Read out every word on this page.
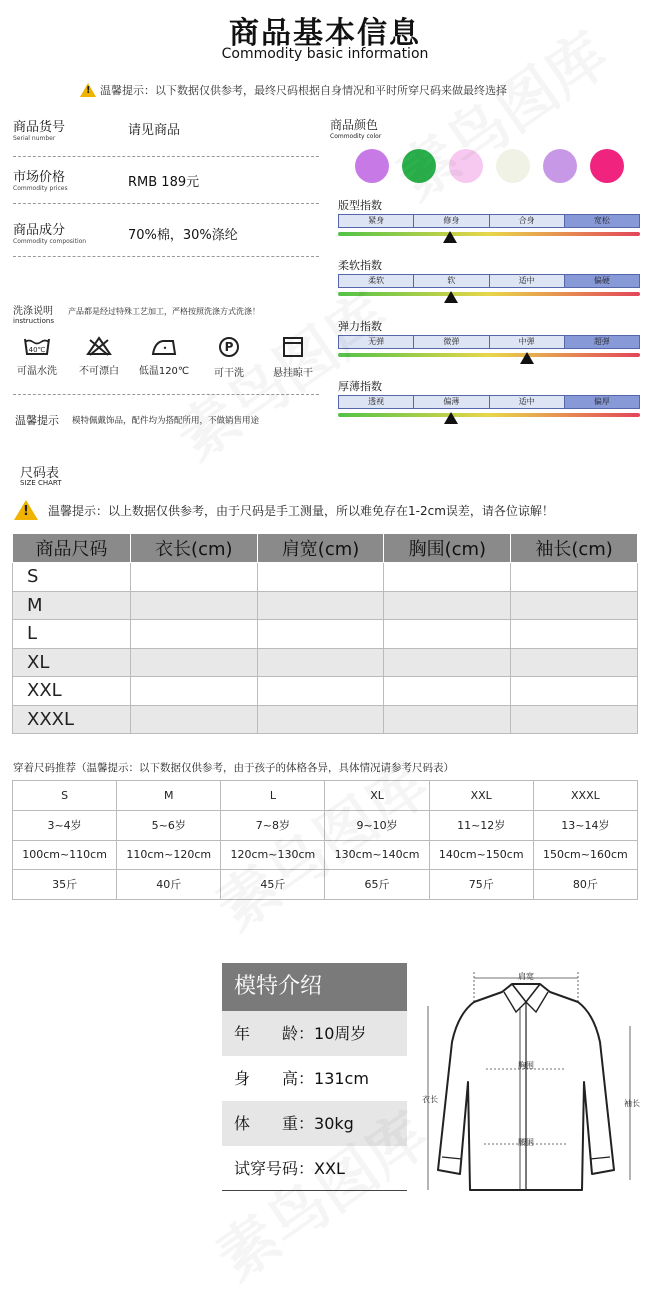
商品基本信息
Commodity basic information
!
温馨提示：以下数据仅供参考，最终尺码根据自身情况和平时所穿尺码来做最终选择
商品货号
Serial number
请见商品
市场价格
Commodity prices	RMB 189元
商品成分
Commodity composition	70%棉，30%涤纶
洗涤说明
instructions
产品都是经过特殊工艺加工，严格按照洗涤方式洗涤！
40℃
可温水洗	不可漂白
•
低温120℃
P
可干洗	悬挂晾干
温馨提示 模特佩戴饰品，配件均为搭配所用，不做销售用途
商品颜色
Commodity color
版型指数
紧身	修身	合身	宽松
柔软指数
柔软	软	适中	偏硬
弹力指数
无弹	微弹	中弹	超弹
厚薄指数
透视	偏薄	适中	偏厚
尺码表
SIZE CHART
!
温馨提示：以上数据仅供参考，由于尺码是手工测量，所以难免存在1-2cm误差，请各位谅解！
商品尺码	衣长(cm)	肩宽(cm)	胸围(cm)	袖长(cm)
S				
M				
L				
XL				
XXL				
XXXL				
穿着尺码推荐（温馨提示：以下数据仅供参考，由于孩子的体格各异，具体情况请参考尺码表）
S	M	L	XL	XXL	XXXL
3~4岁	5~6岁	7~8岁	9~10岁	11~12岁	13~14岁
100cm~110cm	110cm~120cm	120cm~130cm	130cm~140cm	140cm~150cm	150cm~160cm
35斤	40斤	45斤	65斤	75斤	80斤
模特介绍
年　　龄：10周岁
身　　高：131cm
体　　重：30kg
试穿号码：XXL
肩宽
胸围
腰围
衣长	袖长
